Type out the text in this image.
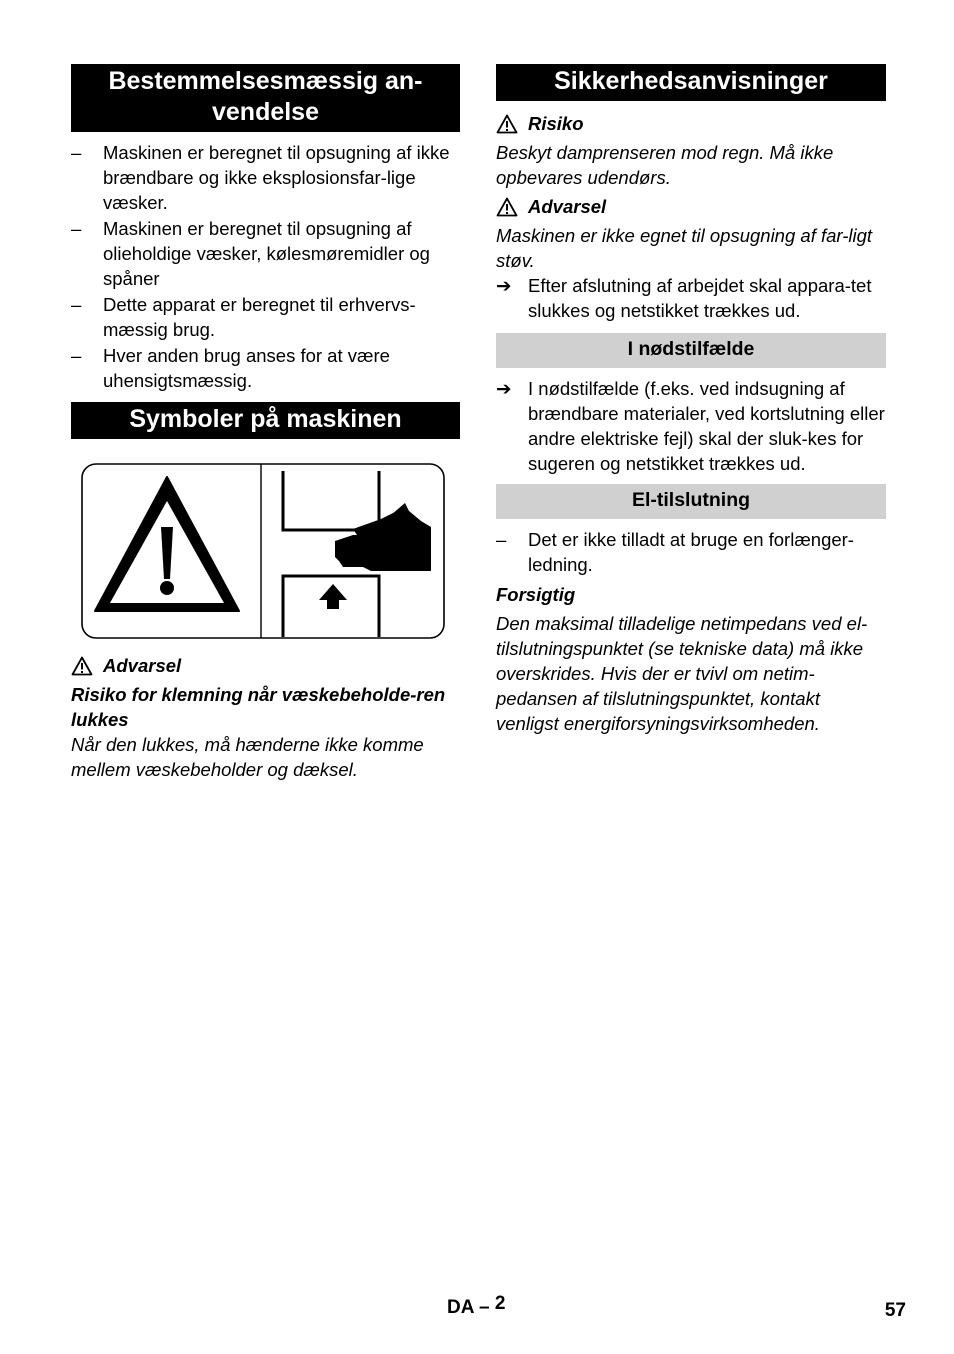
Bestemmelsesmæssig an-
vendelse
–	Maskinen er beregnet til opsugning af ikke brændbare og ikke eksplosionsfar-lige væsker.
–	Maskinen er beregnet til opsugning af olieholdige væsker, kølesmøremidler og spåner
–	Dette apparat er beregnet til erhvervs-mæssig brug.
–	Hver anden brug anses for at være uhensigtsmæssig.
Symboler på maskinen
Advarsel

Risiko for klemning når væskebeholde-ren lukkes

Når den lukkes, må hænderne ikke komme mellem væskebeholder og dæksel.

Sikkerhedsanvisninger
Risiko

Beskyt damprenseren mod regn. Må ikke opbevares udendørs.

Advarsel

Maskinen er ikke egnet til opsugning af far-ligt støv.

➔ Efter afslutning af arbejdet skal appara-tet slukkes og netstikket trækkes ud.

I nødstilfælde

➔ I nødstilfælde (f.eks. ved indsugning af brændbare materialer, ved kortslutning eller andre elektriske fejl) skal der sluk-kes for sugeren og netstikket trækkes ud.

El-tilslutning
–	Det er ikke tilladt at bruge en forlænger-ledning.

Forsigtig

Den maksimal tilladelige netimpedans ved el-tilslutningspunktet (se tekniske data) må ikke overskrides. Hvis der er tvivl om netim-pedansen af tilslutningspunktet, kontakt venligst energiforsyningsvirksomheden.

DA – 2	57
